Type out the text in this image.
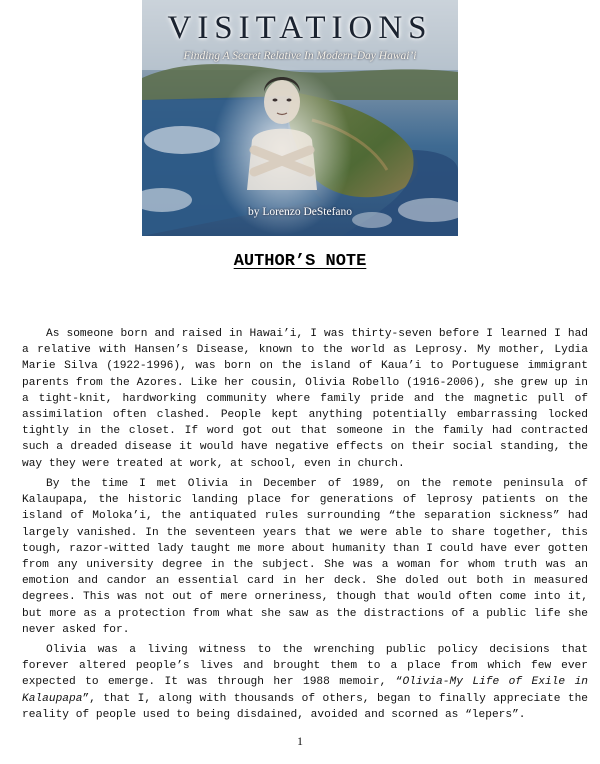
VISITATIONS
Finding A Secret Relative In Modern-Day Hawai’i
by Lorenzo DeStefano
AUTHOR’S NOTE

As someone born and raised in Hawai’i, I was thirty-seven before I learned I had a relative with Hansen’s Disease, known to the world as Leprosy. My mother, Lydia Marie Silva (1922-1996), was born on the island of Kaua’i to Portuguese immigrant parents from the Azores. Like her cousin, Olivia Robello (1916-2006), she grew up in a tight-knit, hardworking community where family pride and the magnetic pull of assimilation often clashed. People kept anything potentially embarrassing locked tightly in the closet. If word got out that someone in the family had contracted such a dreaded disease it would have negative effects on their social standing, the way they were treated at work, at school, even in church.

By the time I met Olivia in December of 1989, on the remote peninsula of Kalaupapa, the historic landing place for generations of leprosy patients on the island of Moloka’i, the antiquated rules surrounding “the separation sickness” had largely vanished. In the seventeen years that we were able to share together, this tough, razor-witted lady taught me more about humanity than I could have ever gotten from any university degree in the subject. She was a woman for whom truth was an emotion and candor an essential card in her deck. She doled out both in measured degrees. This was not out of mere orneriness, though that would often come into it, but more as a protection from what she saw as the distractions of a public life she never asked for.

Olivia was a living witness to the wrenching public policy decisions that forever altered people’s lives and brought them to a place from which few ever expected to emerge. It was through her 1988 memoir, “Olivia-My Life of Exile in Kalaupapa”, that I, along with thousands of others, began to finally appreciate the reality of people used to being disdained, avoided and scorned as “lepers”.

1
